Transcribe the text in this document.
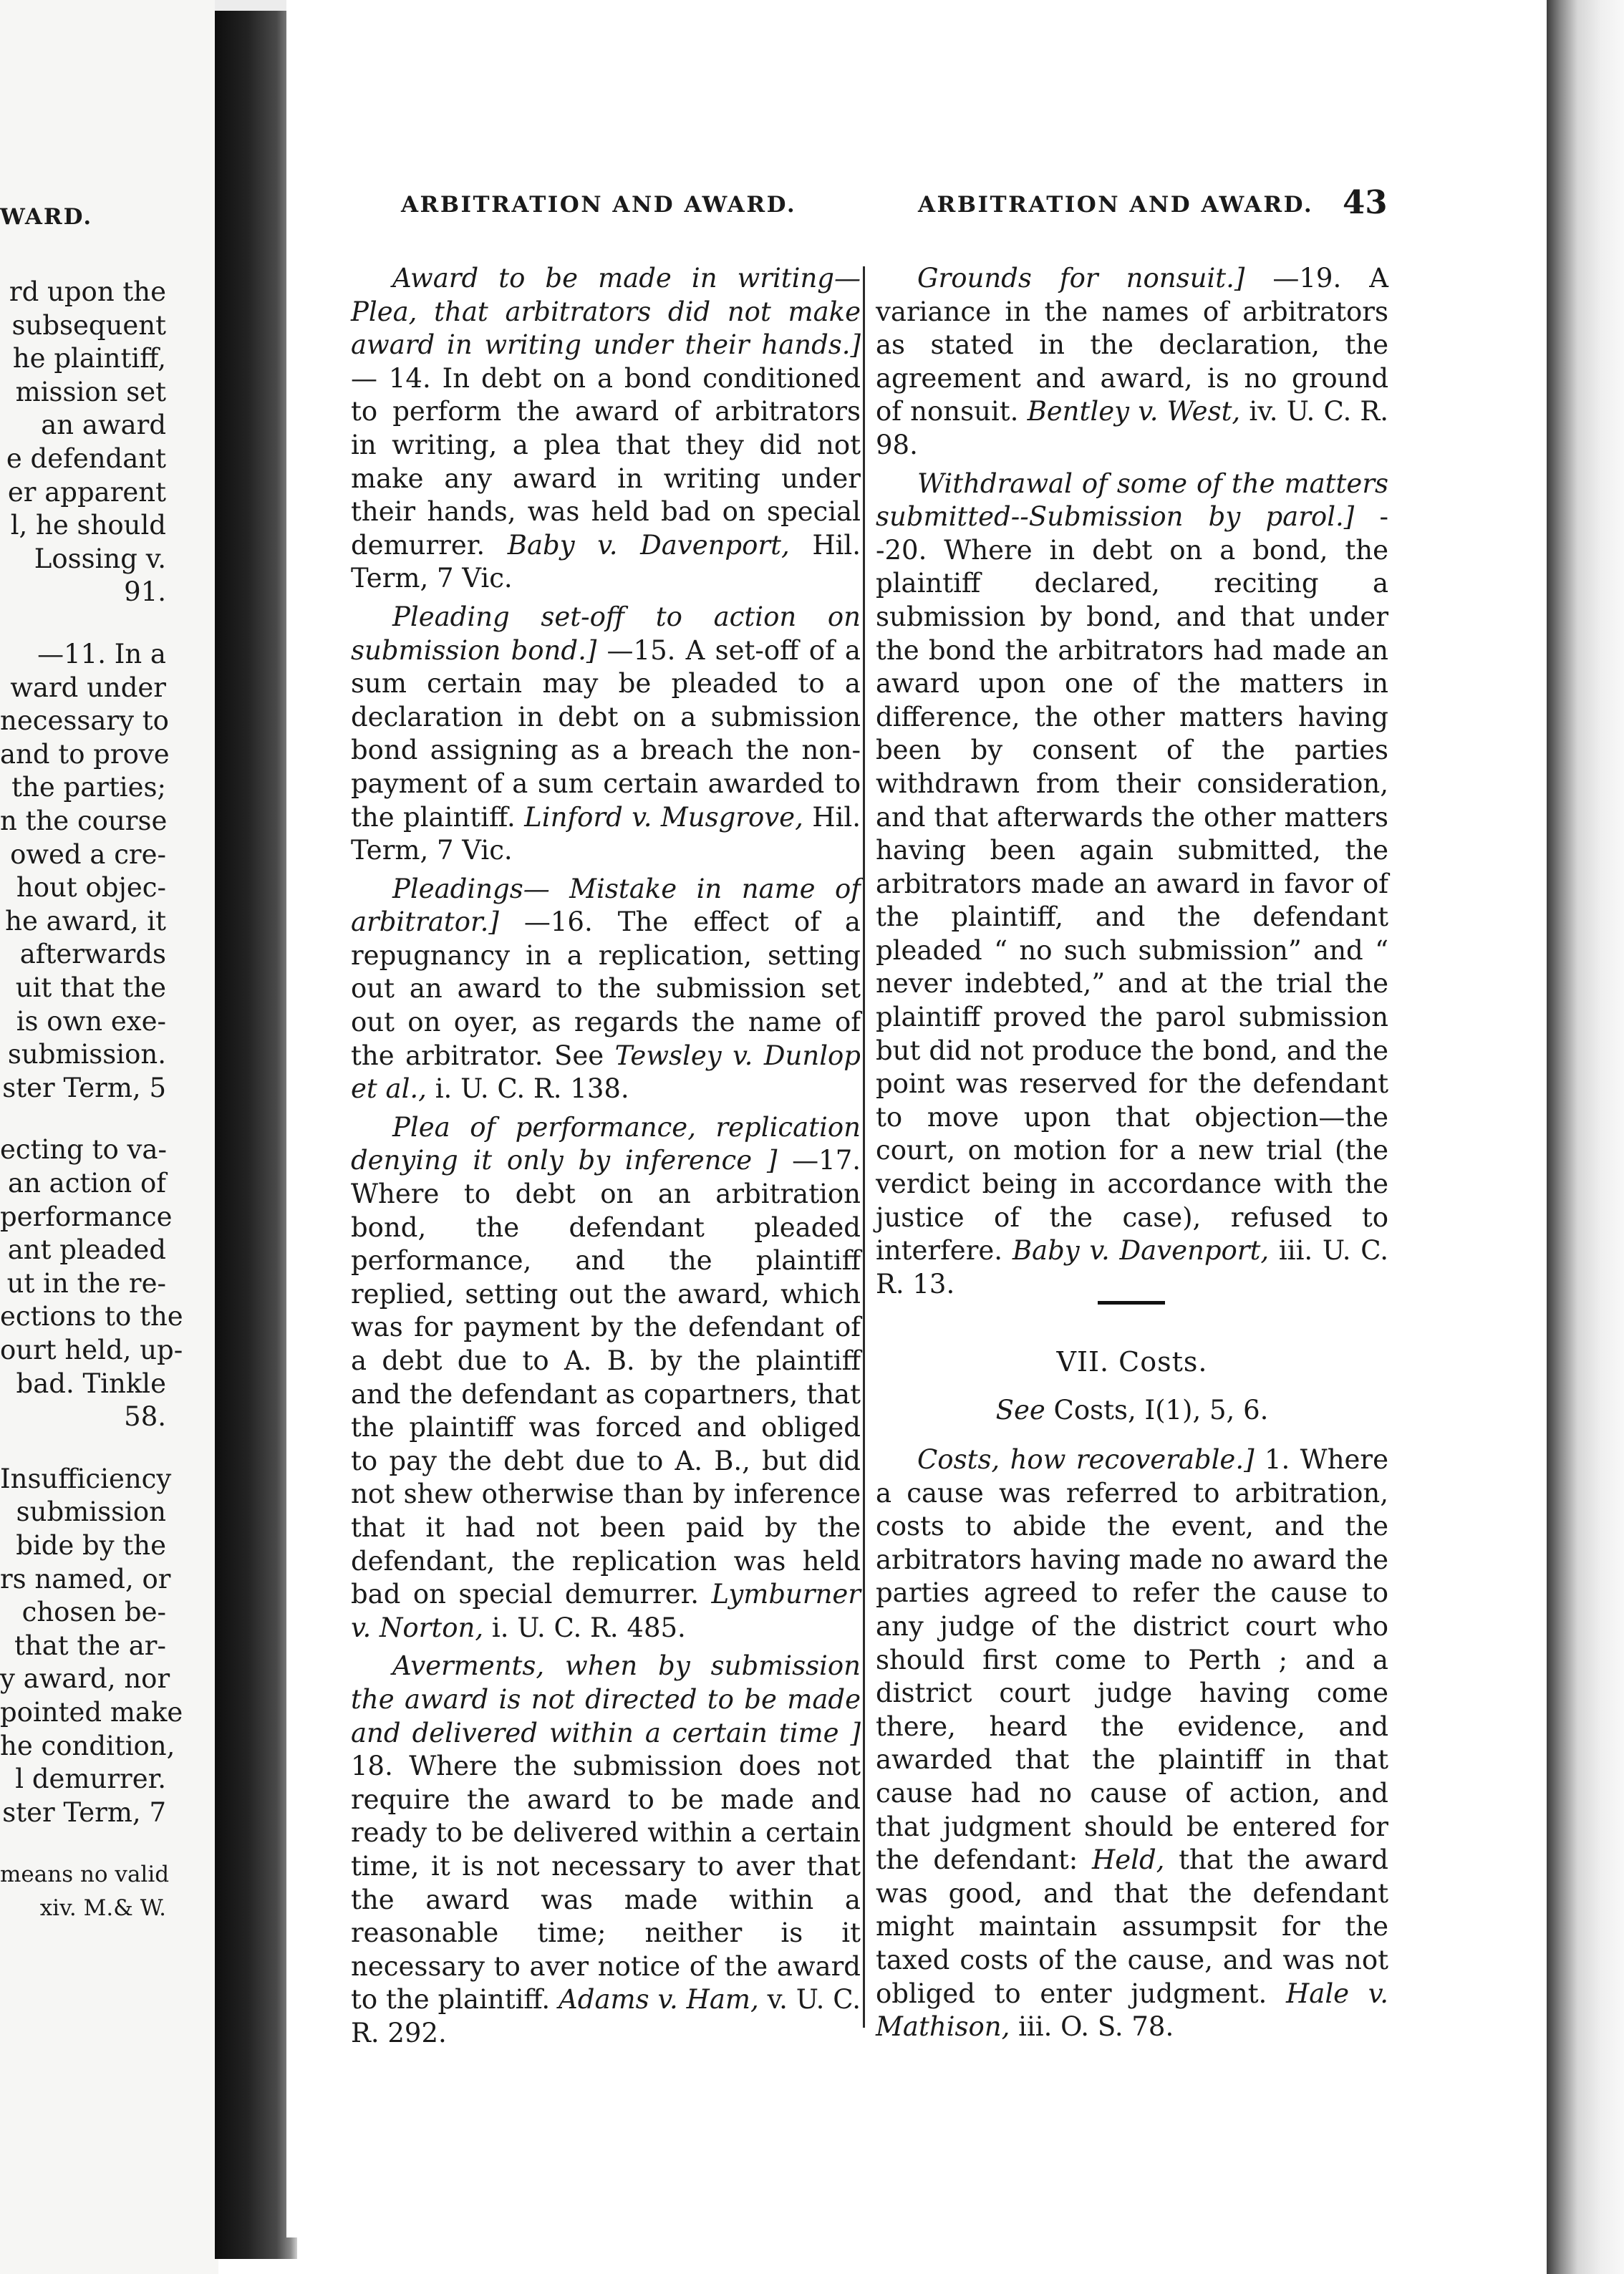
WARD.
rd upon the
subsequent
he plaintiff,
mission set
an award
e defendant
er apparent
l, he should
Lossing v.
91.
—11. In a
ward under
necessary to
and to prove
the parties;
n the course
owed a cre-
hout objec-
he award, it
afterwards
uit that the
is own exe-
submission.
ster Term, 5
ecting to va-
an action of
performance
ant pleaded
ut in the re-
ections to the
ourt held, up-
bad. Tinkle
58.
Insufficiency
submission
bide by the
rs named, or
chosen be-
that the ar-
y award, nor
pointed make
he condition,
l demurrer.
ster Term, 7
means no valid
xiv. M.& W.
ARBITRATION AND AWARD.	ARBITRATION AND AWARD. 43

Award to be made in writing—Plea, that arbitrators did not make award in writing under their hands.] — 14. In debt on a bond conditioned to perform the award of arbitrators in writing, a plea that they did not make any award in writing under their hands, was held bad on special demurrer. Baby v. Davenport, Hil. Term, 7 Vic.

Pleading set-off to action on submission bond.] —15. A set-off of a sum certain may be pleaded to a declaration in debt on a submission bond assigning as a breach the non-payment of a sum certain awarded to the plaintiff. Linford v. Musgrove, Hil. Term, 7 Vic.

Pleadings— Mistake in name of arbitrator.] —16. The effect of a repugnancy in a replication, setting out an award to the submission set out on oyer, as regards the name of the arbitrator. See Tewsley v. Dunlop et al., i. U. C. R. 138.

Plea of performance, replication denying it only by inference ] —17. Where to debt on an arbitration bond, the defendant pleaded performance, and the plaintiff replied, setting out the award, which was for payment by the defendant of a debt due to A. B. by the plaintiff and the defendant as copartners, that the plaintiff was forced and obliged to pay the debt due to A. B., but did not shew otherwise than by inference that it had not been paid by the defendant, the replication was held bad on special demurrer. Lymburner v. Norton, i. U. C. R. 485.

Averments, when by submission the award is not directed to be made and delivered within a certain time ] 18. Where the submission does not require the award to be made and ready to be delivered within a certain time, it is not necessary to aver that the award was made within a reasonable time; neither is it necessary to aver notice of the award to the plaintiff. Adams v. Ham, v. U. C. R. 292.

Grounds for nonsuit.] —19. A variance in the names of arbitrators as stated in the declaration, the agreement and award, is no ground of nonsuit. Bentley v. West, iv. U. C. R. 98.

Withdrawal of some of the matters submitted--Submission by parol.] --20. Where in debt on a bond, the plaintiff declared, reciting a submission by bond, and that under the bond the arbitrators had made an award upon one of the matters in difference, the other matters having been by consent of the parties withdrawn from their consideration, and that afterwards the other matters having been again submitted, the arbitrators made an award in favor of the plaintiff, and the defendant pleaded “ no such submission” and “ never indebted,” and at the trial the plaintiff proved the parol submission but did not produce the bond, and the point was reserved for the defendant to move upon that objection—the court, on motion for a new trial (the verdict being in accordance with the justice of the case), refused to interfere. Baby v. Davenport, iii. U. C. R. 13.

VII. Costs.
See Costs, I(1), 5, 6.

Costs, how recoverable.] 1. Where a cause was referred to arbitration, costs to abide the event, and the arbitrators having made no award the parties agreed to refer the cause to any judge of the district court who should first come to Perth ; and a district court judge having come there, heard the evidence, and awarded that the plaintiff in that cause had no cause of action, and that judgment should be entered for the defendant: Held, that the award was good, and that the defendant might maintain assumpsit for the taxed costs of the cause, and was not obliged to enter judgment. Hale v. Mathison, iii. O. S. 78.
